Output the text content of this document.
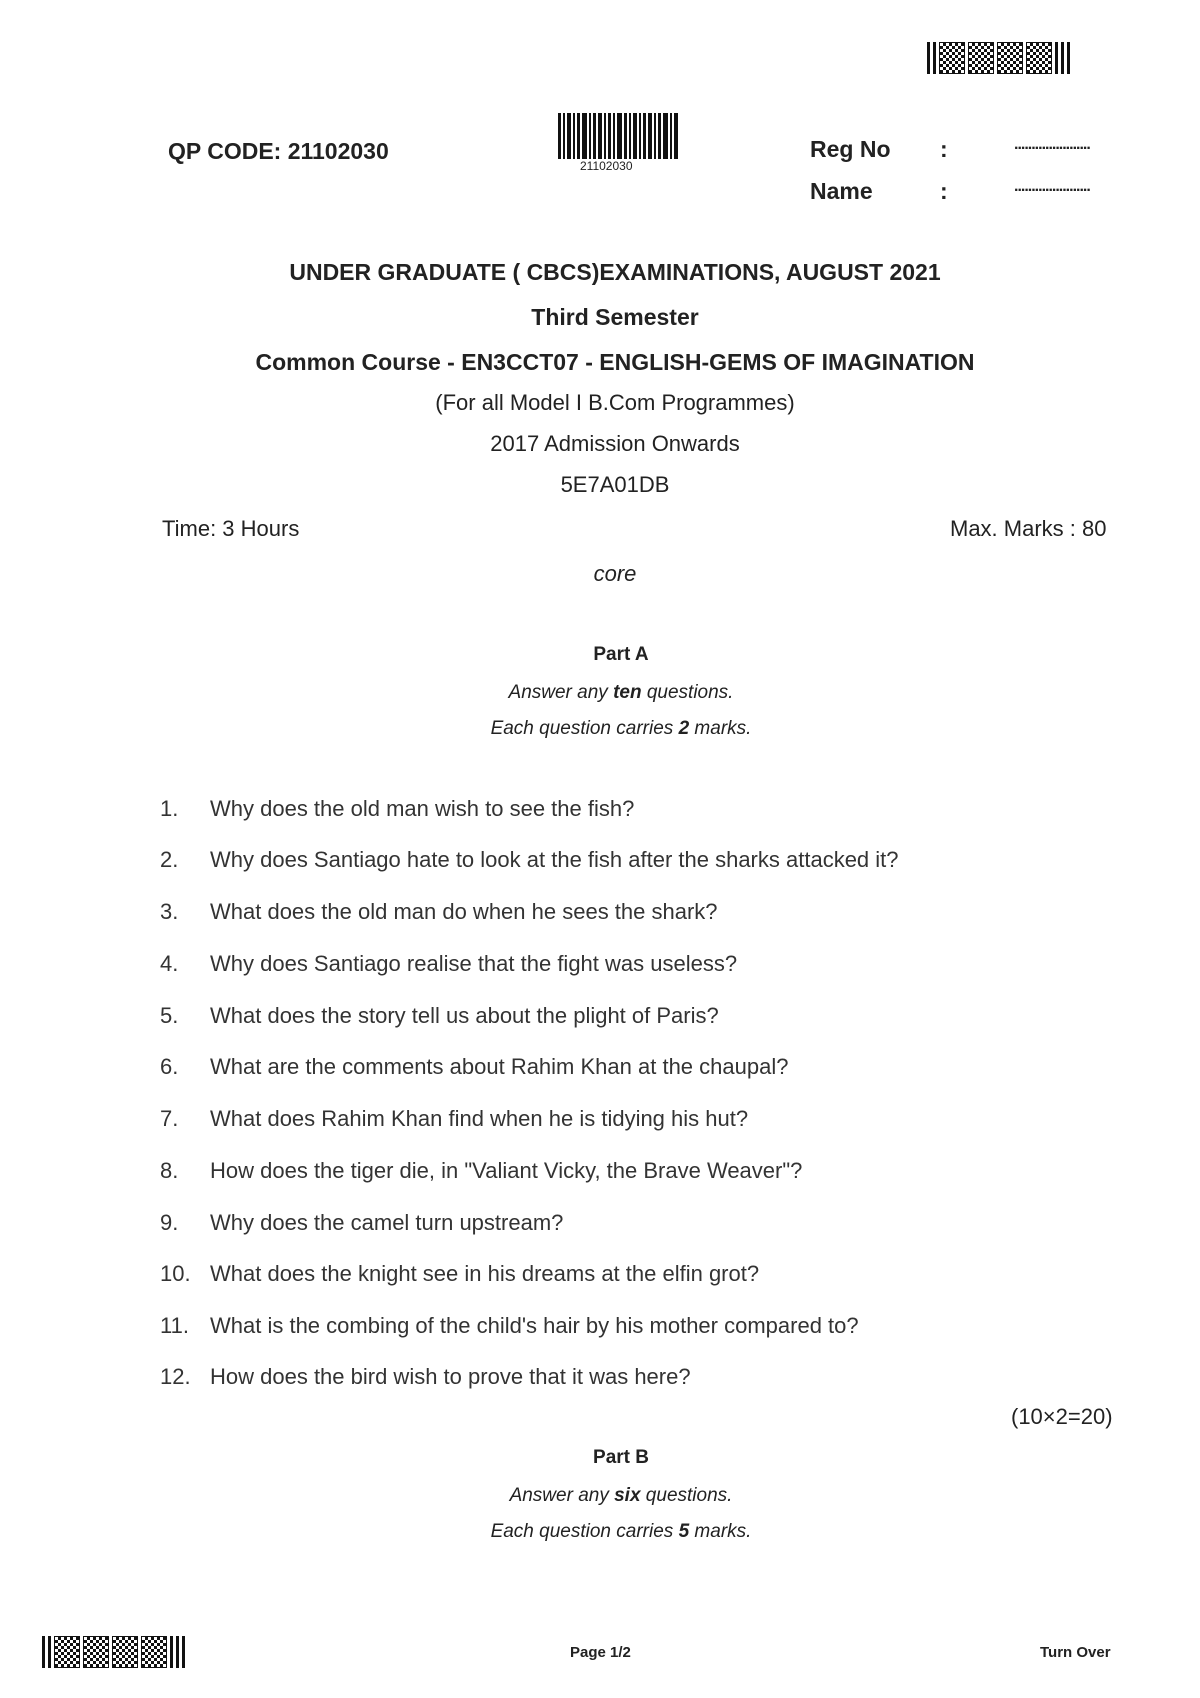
QP CODE: 21102030
21102030
Reg No :	......................
Name	:	......................
UNDER GRADUATE ( CBCS)EXAMINATIONS, AUGUST 2021
Third Semester
Common Course - EN3CCT07 - ENGLISH-GEMS OF IMAGINATION
(For all Model I B.Com Programmes)
2017 Admission Onwards
5E7A01DB
Time: 3 Hours	Max. Marks : 80
core
Part A
Answer any ten questions.
Each question carries 2 marks.
1. Why does the old man wish to see the fish?
2. Why does Santiago hate to look at the fish after the sharks attacked it?
3. What does the old man do when he sees the shark?
4. Why does Santiago realise that the fight was useless?
5. What does the story tell us about the plight of Paris?
6. What are the comments about Rahim Khan at the chaupal?
7. What does Rahim Khan find when he is tidying his hut?
8. How does the tiger die, in "Valiant Vicky, the Brave Weaver"?
9. Why does the camel turn upstream?
10. What does the knight see in his dreams at the elfin grot?
11. What is the combing of the child's hair by his mother compared to?
12. How does the bird wish to prove that it was here?
(10×2=20)
Part B
Answer any six questions.
Each question carries 5 marks.
Page 1/2	Turn Over
